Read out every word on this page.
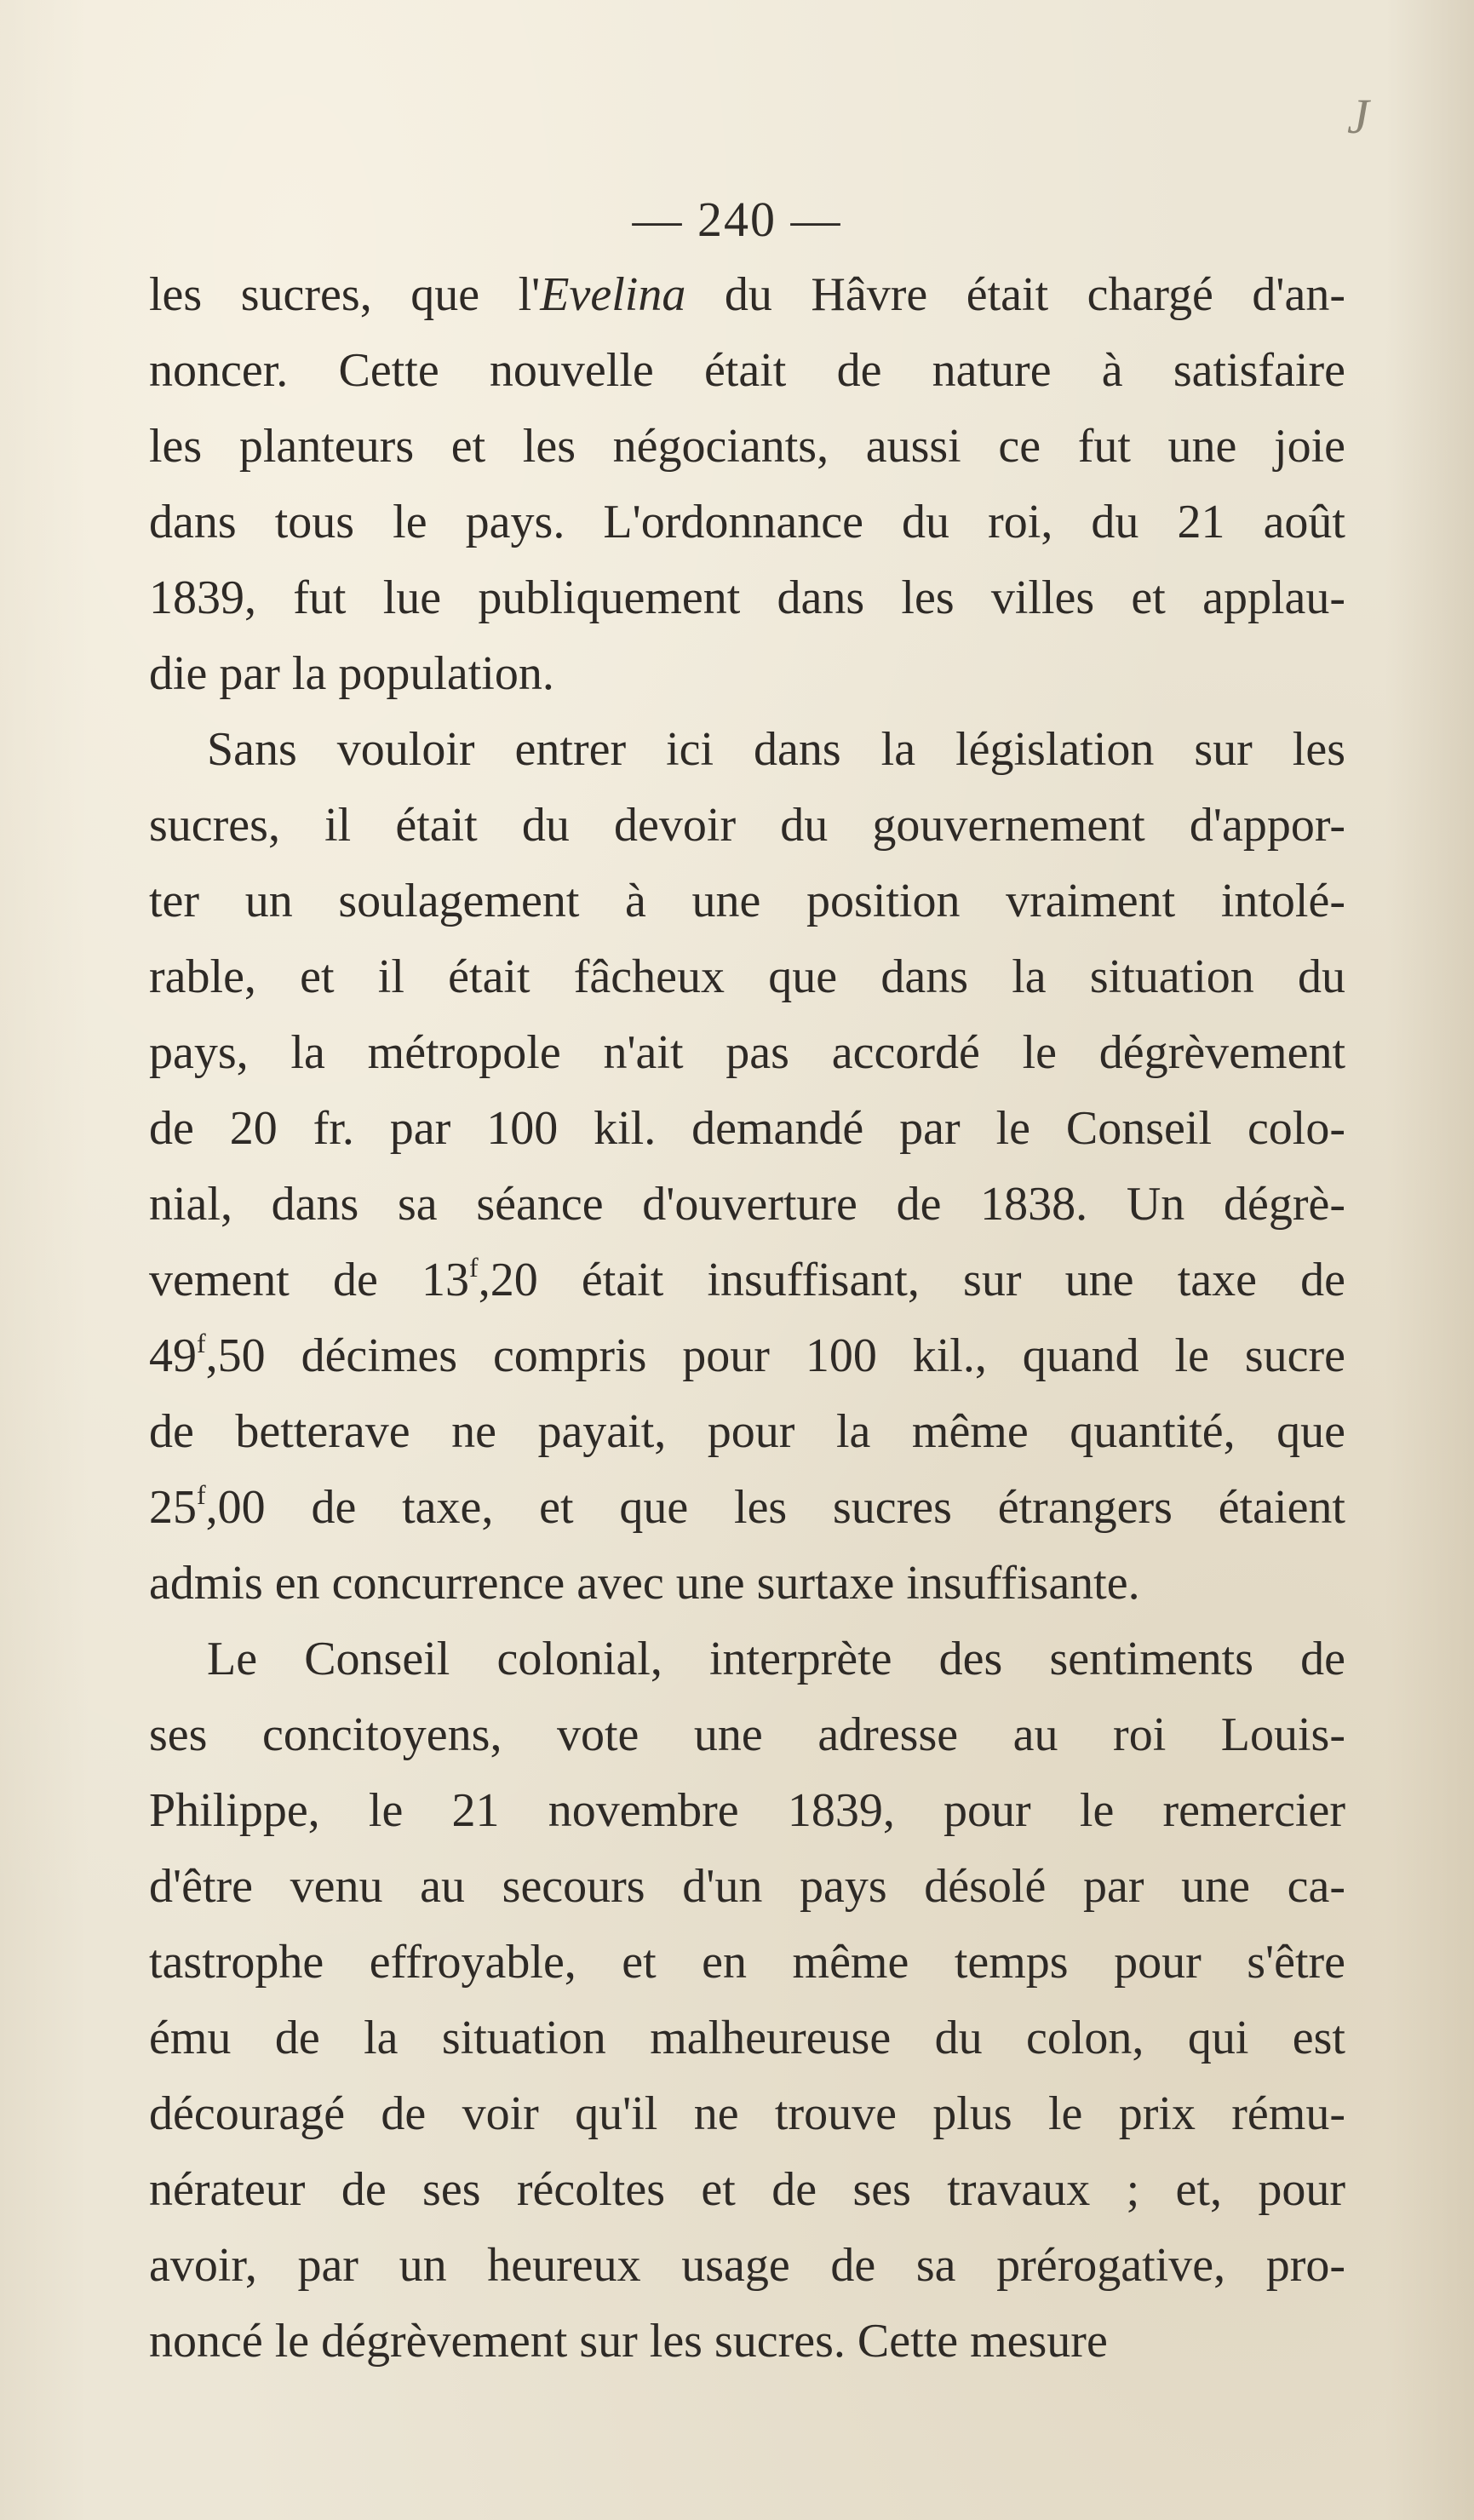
J
— 240 —
les sucres, que l'Evelina du Hâvre était chargé d'an-
noncer. Cette nouvelle était de nature à satisfaire
les planteurs et les négociants, aussi ce fut une joie
dans tous le pays. L'ordonnance du roi, du 21 août
1839, fut lue publiquement dans les villes et applau-
die par la population.
Sans vouloir entrer ici dans la législation sur les
sucres, il était du devoir du gouvernement d'appor-
ter un soulagement à une position vraiment intolé-
rable, et il était fâcheux que dans la situation du
pays, la métropole n'ait pas accordé le dégrèvement
de 20 fr. par 100 kil. demandé par le Conseil colo-
nial, dans sa séance d'ouverture de 1838. Un dégrè-
vement de 13$^f$,20 était insuffisant, sur une taxe de
49$^f$,50 décimes compris pour 100 kil., quand le sucre
de betterave ne payait, pour la même quantité, que
25$^f$,00 de taxe, et que les sucres étrangers étaient
admis en concurrence avec une surtaxe insuffisante.
Le Conseil colonial, interprète des sentiments de
ses concitoyens, vote une adresse au roi Louis-
Philippe, le 21 novembre 1839, pour le remercier
d'être venu au secours d'un pays désolé par une ca-
tastrophe effroyable, et en même temps pour s'être
ému de la situation malheureuse du colon, qui est
découragé de voir qu'il ne trouve plus le prix rému-
nérateur de ses récoltes et de ses travaux ; et, pour
avoir, par un heureux usage de sa prérogative, pro-
noncé le dégrèvement sur les sucres. Cette mesure
